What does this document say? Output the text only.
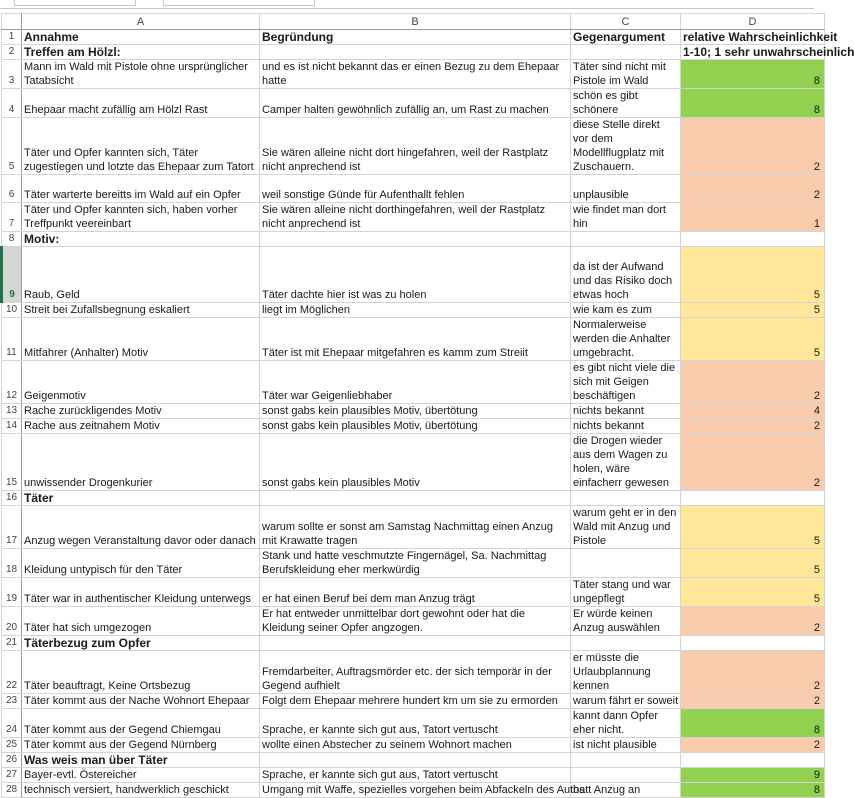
	A	B	C	D
1	Annahme	Begründung	Gegenargument	relative Wahrscheinlichkeit
2	Treffen am Hölzl:			1-10; 1 sehr unwahrscheinlich
3	Mann im Wald mit Pistole ohne ursprünglicher Tatabsicht	und es ist nicht bekannt das er einen Bezug zu dem Ehepaar hatte	Täter sind nicht mit Pistole im Wald	8
4	Ehepaar macht zufällig am Hölzl Rast	Camper halten gewöhnlich zufällig an, um Rast zu machen	schön es gibt schönere	8
5	Täter und Opfer kannten sich, Täter zugestiegen und lotzte das Ehepaar zum Tatort	Sie wären alleine nicht dort hingefahren, weil der Rastplatz nicht anprechend ist	diese Stelle direkt vor dem Modellflugplatz mit Zuschauern.	2
6	Täter warterte bereitts im Wald auf ein Opfer	weil sonstige Günde für Aufenthallt fehlen	unplausible	2
7	Täter und Opfer kannten sich, haben vorher Treffpunkt veereinbart	Sie wären alleine nicht dorthingefahren, weil der Rastplatz nicht anprechend ist	wie findet man dort hin	1
8	Motiv:			
9	Raub, Geld	Täter dachte hier ist was zu holen	da ist der Aufwand und das Risiko doch etwas hoch	5
10	Streit bei Zufallsbegnung eskaliert	liegt im Möglichen	wie kam es zum	5
11	Mitfahrer (Anhalter) Motiv	Täter ist mit Ehepaar mitgefahren es kamm zum Streiit	Normalerweise werden die Anhalter umgebracht.	5
12	Geigenmotiv	Täter war Geigenliebhaber	es gibt nicht viele die sich mit Geigen beschäftigen	2
13	Rache zurückligendes Motiv	sonst gabs kein plausibles Motiv, übertötung	nichts bekannt	4
14	Rache aus zeitnahem Motiv	sonst gabs kein plausibles Motiv, übertötung	nichts bekannt	2
15	unwissender Drogenkurier	sonst gabs kein plausibles Motiv	die Drogen wieder aus dem Wagen zu holen, wäre einfacherr gewesen	2
16	Täter			
17	Anzug wegen Veranstaltung davor oder danach	warum sollte er sonst am Samstag Nachmittag einen Anzug mit Krawatte tragen	warum geht er in den Wald mit Anzug und Pistole	5
18	Kleidung untypisch für den Täter	Stank und hatte veschmutzte Fingernägel, Sa. Nachmittag Berufskleidung eher merkwürdig		5
19	Täter war in authentischer Kleidung unterwegs	er hat einen Beruf bei dem man Anzug trägt	Täter stang und war ungepflegt	5
20	Täter hat sich umgezogen	Er hat entweder unmittelbar dort gewohnt oder hat die Kleidung seiner Opfer angzogen.	Er würde keinen Anzug auswählen	2
21	Täterbezug zum Opfer			
22	Täter beauftragt, Keine Ortsbezug	Fremdarbeiter, Auftragsmörder etc. der sich temporär in der Gegend aufhielt	er müsste die Urlaubplannung kennen	2
23	Täter kommt aus der Nache Wohnort Ehepaar	Folgt dem Ehepaar mehrere hundert km um sie zu ermorden	warum fährt er soweit	2
24	Täter kommt aus der Gegend Chiemgau	Sprache, er kannte sich gut aus, Tatort vertuscht	kannt dann Opfer eher nicht.	8
25	Täter kommt aus der Gegend Nürnberg	wollte einen Abstecher zu seinem Wohnort machen	ist nicht plausible	2
26	Was weis man über Täter			
27	Bayer-evtl. Östereicher	Sprache, er kannte sich gut aus, Tatort vertuscht		9
28	technisch versiert, handwerklich geschickt	Umgang mit Waffe, spezielles vorgehen beim Abfackeln des Autos	hatt Anzug an	8
